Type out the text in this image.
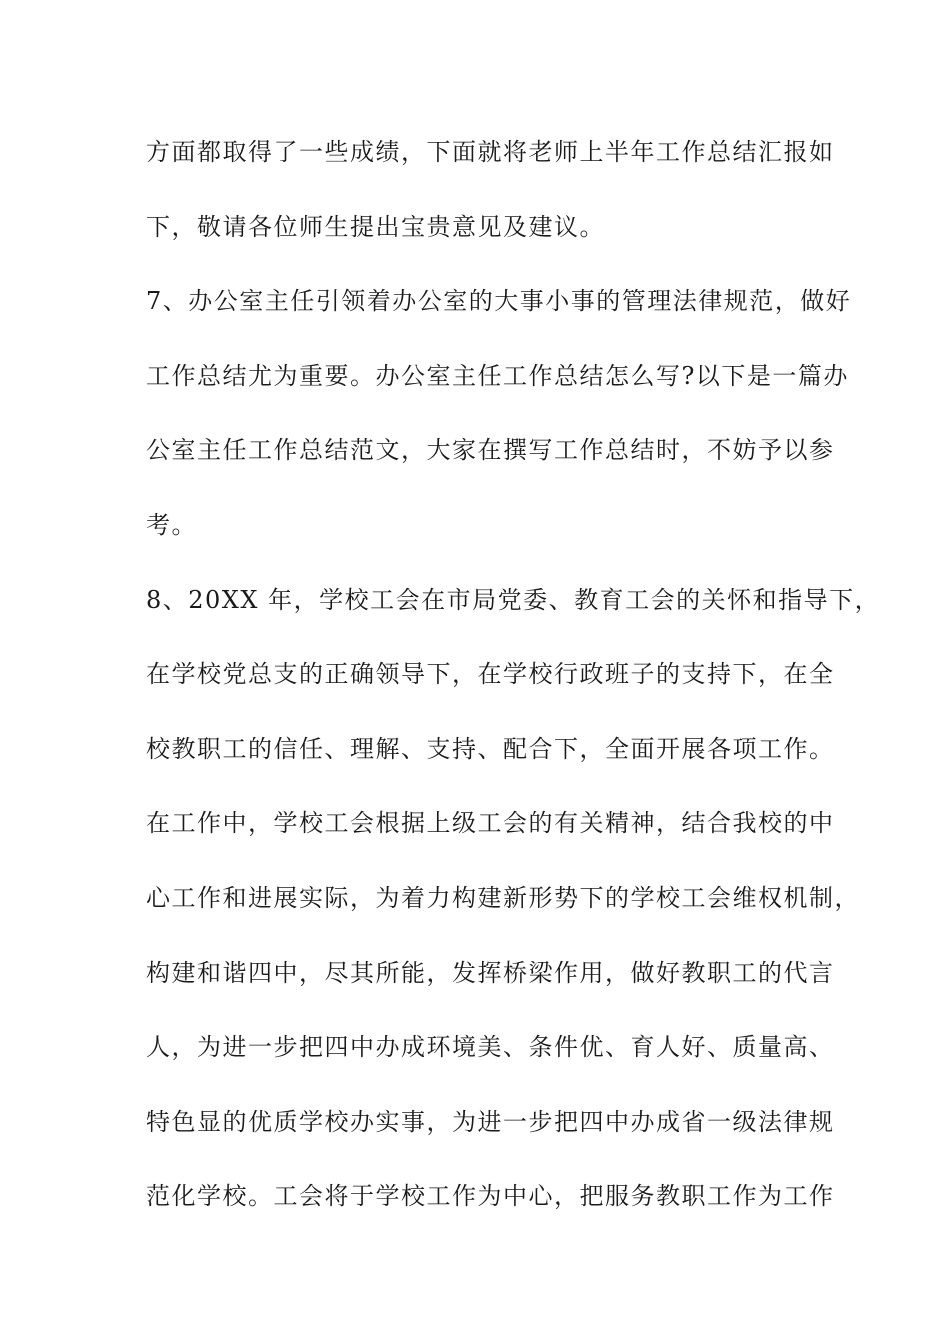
方面都取得了一些成绩，下面就将老师上半年工作总结汇报如
下，敬请各位师生提出宝贵意见及建议。
7、办公室主任引领着办公室的大事小事的管理法律规范，做好
工作总结尤为重要。办公室主任工作总结怎么写?以下是一篇办
公室主任工作总结范文，大家在撰写工作总结时，不妨予以参
考。
8、20XX 年，学校工会在市局党委、教育工会的关怀和指导下，
在学校党总支的正确领导下，在学校行政班子的支持下，在全
校教职工的信任、理解、支持、配合下，全面开展各项工作。
在工作中，学校工会根据上级工会的有关精神，结合我校的中
心工作和进展实际，为着力构建新形势下的学校工会维权机制，
构建和谐四中，尽其所能，发挥桥梁作用，做好教职工的代言
人，为进一步把四中办成环境美、条件优、育人好、质量高、
特色显的优质学校办实事，为进一步把四中办成省一级法律规
范化学校。工会将于学校工作为中心，把服务教职工作为工作
